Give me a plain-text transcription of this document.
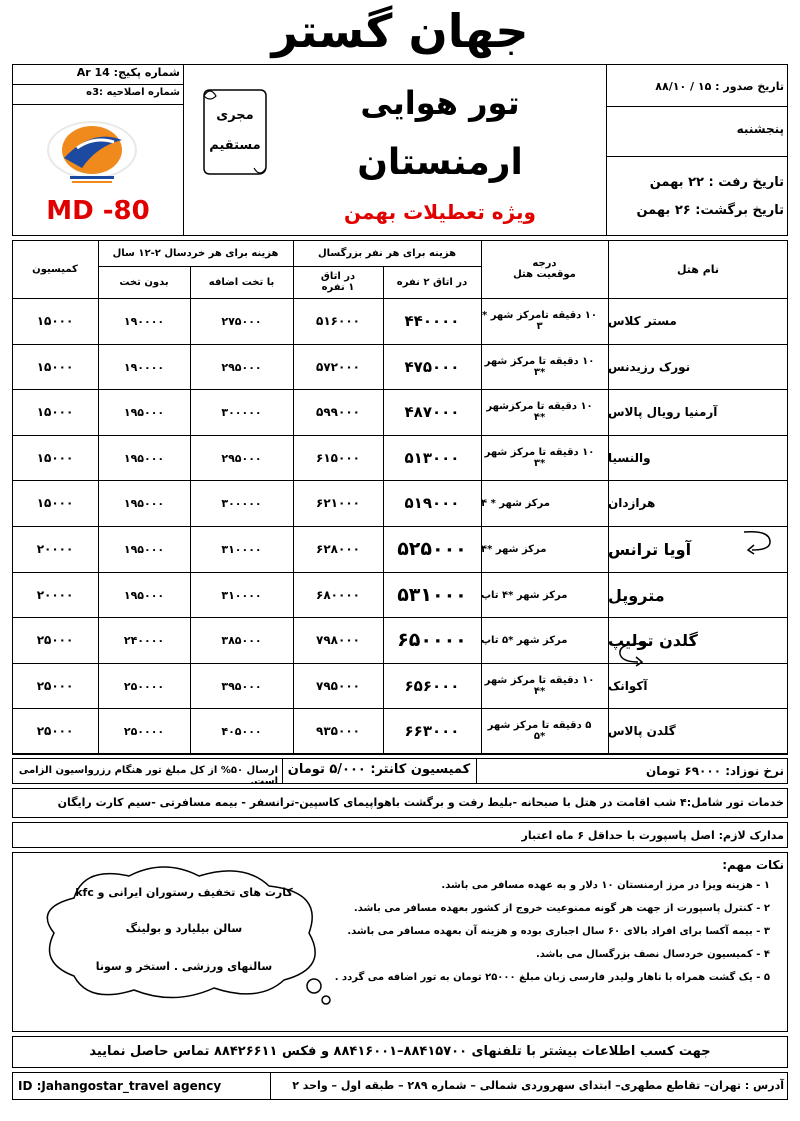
جهان گستر
شماره پکیج: Ar 14
شماره اصلاحیه :3ه
MD -80
مجری
مستقیم
تور هوایی
ارمنستان
ویژه تعطیلات بهمن
تاریخ صدور : ۱۵ / ۸۸/۱۰
پنجشنبه
تاریخ رفت : ۲۲ بهمن
تاریخ برگشت: ۲۶ بهمن
نام هتل
درجه
موقعیت هتل
هزینه برای هر نفر بزرگسال
در اتاق ۲ نفره
در اتاق
۱ نفره
هزینه برای هر خردسال ۲-۱۲ سال
با تخت اضافه
بدون تخت
کمیسیون
مستر کلاس
۱۰ دقیقه تامرکز شهر * ۳
۴۴۰۰۰۰
۵۱۶۰۰۰
۲۷۵۰۰۰
۱۹۰۰۰۰
۱۵۰۰۰
نورک رزیدنس
۱۰ دقیقه تا مرکز شهر *۳
۴۷۵۰۰۰
۵۷۲۰۰۰
۲۹۵۰۰۰
۱۹۰۰۰۰
۱۵۰۰۰
آرمنیا رویال پالاس
۱۰ دقیقه تا مرکزشهر *۴
۴۸۷۰۰۰
۵۹۹۰۰۰
۳۰۰۰۰۰
۱۹۵۰۰۰
۱۵۰۰۰
والنسیا
۱۰ دقیقه تا مرکز شهر *۳
۵۱۳۰۰۰
۶۱۵۰۰۰
۲۹۵۰۰۰
۱۹۵۰۰۰
۱۵۰۰۰
هرازدان
مرکز شهر * ۴
۵۱۹۰۰۰
۶۲۱۰۰۰
۳۰۰۰۰۰
۱۹۵۰۰۰
۱۵۰۰۰
آویا ترانس
مرکز شهر *۴
۵۲۵۰۰۰
۶۲۸۰۰۰
۳۱۰۰۰۰
۱۹۵۰۰۰
۲۰۰۰۰
متروپل
مرکز شهر *۴ تاپ
۵۳۱۰۰۰
۶۸۰۰۰۰
۳۱۰۰۰۰
۱۹۵۰۰۰
۲۰۰۰۰
گلدن تولیپ
مرکز شهر *۵ تاپ
۶۵۰۰۰۰
۷۹۸۰۰۰
۳۸۵۰۰۰
۲۴۰۰۰۰
۲۵۰۰۰
آکوانک
۱۰ دقیقه تا مرکز شهر *۴
۶۵۶۰۰۰
۷۹۵۰۰۰
۳۹۵۰۰۰
۲۵۰۰۰۰
۲۵۰۰۰
گلدن پالاس
۵ دقیقه تا مرکز شهر *۵
۶۶۳۰۰۰
۹۳۵۰۰۰
۴۰۵۰۰۰
۲۵۰۰۰۰
۲۵۰۰۰
نرخ نوزاد: ۶۹۰۰۰ تومان
کمیسیون کانتر: ۵/۰۰۰ تومان
ارسال ۵۰% از کل مبلغ تور هنگام رزرواسیون الزامی است.
خدمات تور شامل:۴ شب اقامت در هتل با صبحانه -بلیط رفت و برگشت باهواپیمای کاسپین-ترانسفر - بیمه مسافرتی -سیم کارت رایگان
مدارک لازم: اصل پاسپورت با حداقل ۶ ماه اعتبار
نکات مهم:
۱ - هزینه ویزا در مرز ارمنستان ۱۰ دلار و به عهده مسافر می باشد.
۲ - کنترل پاسپورت از جهت هر گونه ممنوعیت خروج از کشور بعهده مسافر می باشد.
۳ - بیمه آکسا برای افراد بالای ۶۰ سال اجباری بوده و هزینه آن بعهده مسافر می باشد.
۴ - کمیسیون خردسال نصف بزرگسال می باشد.
۵ - یک گشت همراه با ناهار ولیدر فارسی زبان مبلغ ۲۵۰۰۰ تومان به تور اضافه می گردد .
کارت های تخفیف رستوران ایرانی و kfc
سالن بیلیارد و بولینگ
سالنهای ورزشی . استخر و سونا
جهت کسب اطلاعات بیشتر با تلفنهای ۸۸۴۱۵۷۰۰–۸۸۴۱۶۰۰۱ و فکس ۸۸۴۲۶۶۱۱ تماس حاصل نمایید
آدرس : تهران– تقاطع مطهری– ابتدای سهروردی شمالی – شماره ۲۸۹ – طبقه اول – واحد ۲
ID :Jahangostar_travel agency
